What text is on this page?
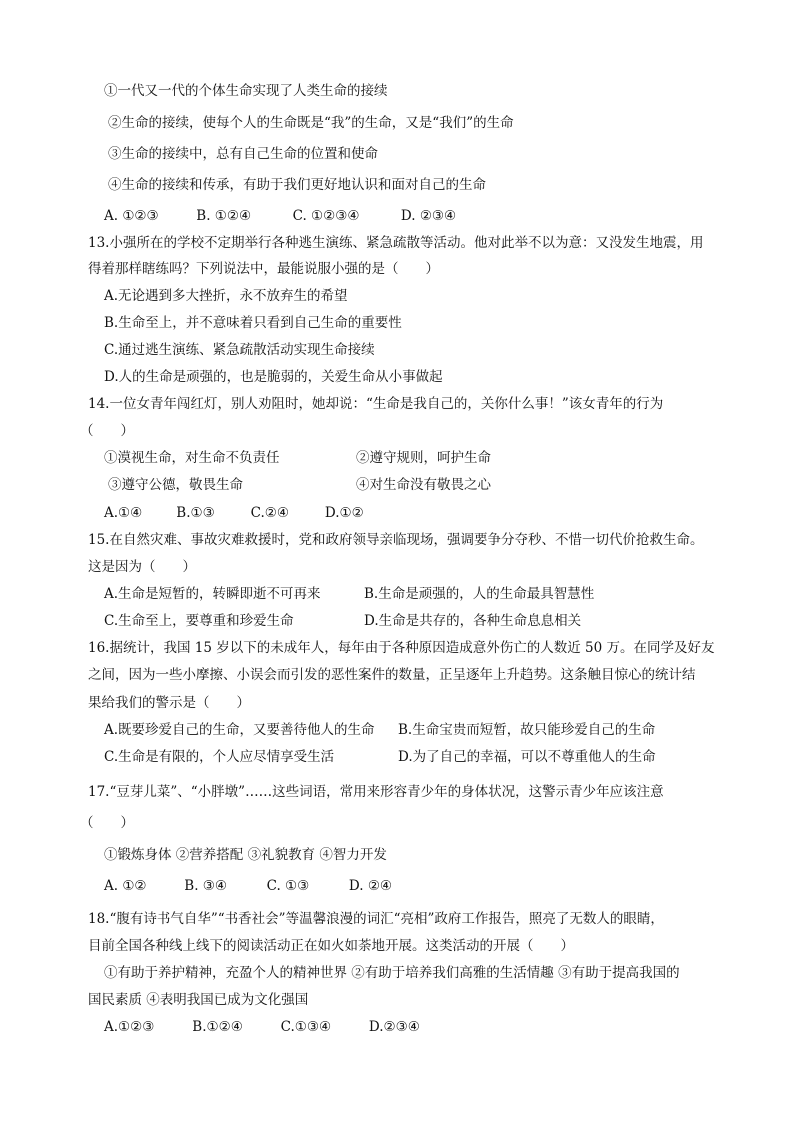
①一代又一代的个体生命实现了人类生命的接续
②生命的接续，使每个人的生命既是“我”的生命，又是“我们”的生命
③生命的接续中，总有自己生命的位置和使命
④生命的接续和传承，有助于我们更好地认识和面对自己的生命
A. ①②③	B. ①②④	C. ①②③④	D. ②③④
13.小强所在的学校不定期举行各种逃生演练、紧急疏散等活动。他对此举不以为意：又没发生地震，用
得着那样瞎练吗？下列说法中，最能说服小强的是（　　）
A.无论遇到多大挫折，永不放弃生的希望
B.生命至上，并不意味着只看到自己生命的重要性
C.通过逃生演练、紧急疏散活动实现生命接续
D.人的生命是顽强的，也是脆弱的，关爱生命从小事做起
14.一位女青年闯红灯，别人劝阻时，她却说：“生命是我自己的，关你什么事！”该女青年的行为
（　　）
①漠视生命，对生命不负责任	②遵守规则，呵护生命
③遵守公德，敬畏生命	④对生命没有敬畏之心
A.①④	B.①③	C.②④	D.①②
15.在自然灾难、事故灾难救援时，党和政府领导亲临现场，强调要争分夺秒、不惜一切代价抢救生命。
这是因为（　　）
A.生命是短暂的，转瞬即逝不可再来	B.生命是顽强的，人的生命最具智慧性
C.生命至上，要尊重和珍爱生命	D.生命是共存的，各种生命息息相关
16.据统计，我国 15 岁以下的未成年人，每年由于各种原因造成意外伤亡的人数近 50 万。在同学及好友
之间，因为一些小摩擦、小误会而引发的恶性案件的数量，正呈逐年上升趋势。这条触目惊心的统计结
果给我们的警示是（　　）
A.既要珍爱自己的生命，又要善待他人的生命 B.生命宝贵而短暂，故只能珍爱自己的生命
C.生命是有限的，个人应尽情享受生活	D.为了自己的幸福，可以不尊重他人的生命
17.“豆芽儿菜”、“小胖墩”……这些词语，常用来形容青少年的身体状况，这警示青少年应该注意
（　　）
①锻炼身体 ②营养搭配 ③礼貌教育 ④智力开发
A. ①②	B. ③④	C. ①③	D. ②④
18.“腹有诗书气自华”“书香社会”等温馨浪漫的词汇“亮相”政府工作报告，照亮了无数人的眼睛，
目前全国各种线上线下的阅读活动正在如火如荼地开展。这类活动的开展（　　）
①有助于养护精神，充盈个人的精神世界 ②有助于培养我们高雅的生活情趣 ③有助于提高我国的
国民素质 ④表明我国已成为文化强国
A.①②③	B.①②④	C.①③④	D.②③④
